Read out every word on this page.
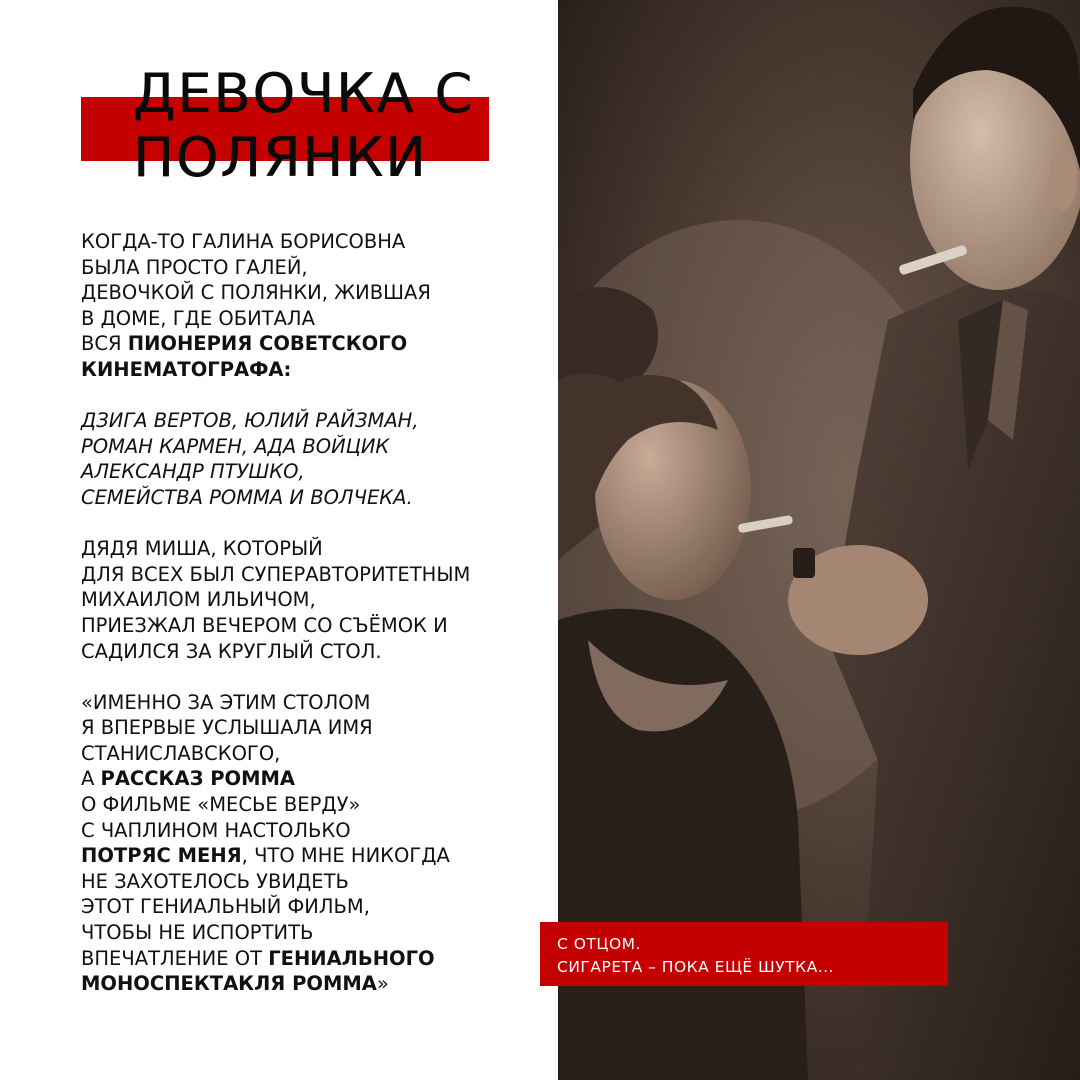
ДЕВОЧКА С
ПОЛЯНКИ
КОГДА-ТО ГАЛИНА БОРИСОВНА
БЫЛА ПРОСТО ГАЛЕЙ,
ДЕВОЧКОЙ С ПОЛЯНКИ, ЖИВШАЯ
В ДОМЕ, ГДЕ ОБИТАЛА
ВСЯ ПИОНЕРИЯ СОВЕТСКОГО
КИНЕМАТОГРАФА:
ДЗИГА ВЕРТОВ, ЮЛИЙ РАЙЗМАН,
РОМАН КАРМЕН, АДА ВОЙЦИК
АЛЕКСАНДР ПТУШКО,
СЕМЕЙСТВА РОММА И ВОЛЧЕКА.
ДЯДЯ МИША, КОТОРЫЙ
ДЛЯ ВСЕХ БЫЛ СУПЕРАВТОРИТЕТНЫМ
МИХАИЛОМ ИЛЬИЧОМ,
ПРИЕЗЖАЛ ВЕЧЕРОМ СО СЪЁМОК И
САДИЛСЯ ЗА КРУГЛЫЙ СТОЛ.
«ИМЕННО ЗА ЭТИМ СТОЛОМ
Я ВПЕРВЫЕ УСЛЫШАЛА ИМЯ
СТАНИСЛАВСКОГО,
А РАССКАЗ РОММА
О ФИЛЬМЕ «МЕСЬЕ ВЕРДУ»
С ЧАПЛИНОМ НАСТОЛЬКО
ПОТРЯС МЕНЯ, ЧТО МНЕ НИКОГДА
НЕ ЗАХОТЕЛОСЬ УВИДЕТЬ
ЭТОТ ГЕНИАЛЬНЫЙ ФИЛЬМ,
ЧТОБЫ НЕ ИСПОРТИТЬ
ВПЕЧАТЛЕНИЕ ОТ ГЕНИАЛЬНОГО
МОНОСПЕКТАКЛЯ РОММА»
С ОТЦОМ.
СИГАРЕТА – ПОКА ЕЩЁ ШУТКА...
